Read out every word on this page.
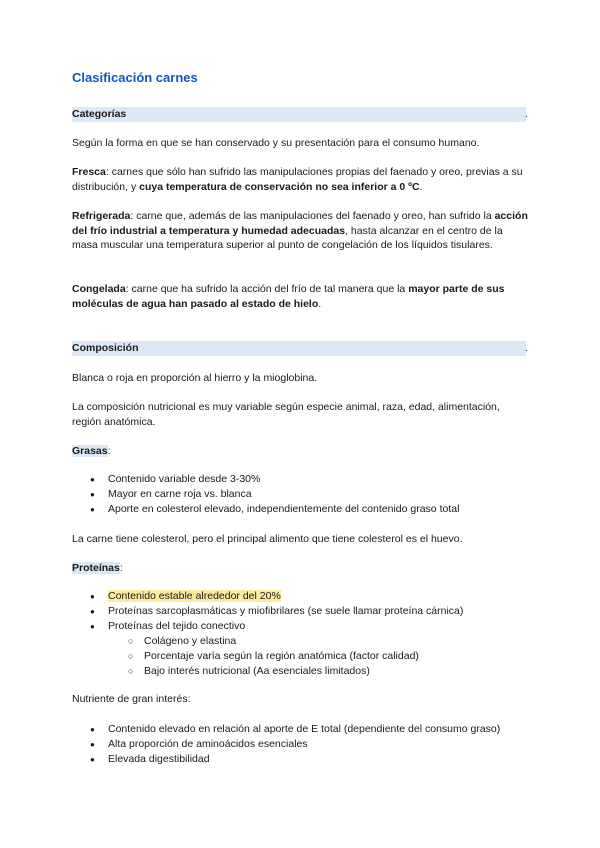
Clasificación carnes
Categorías	.
Según la forma en que se han conservado y su presentación para el consumo humano.
Fresca: carnes que sólo han sufrido las manipulaciones propias del faenado y oreo, previas a su distribución, y cuya temperatura de conservación no sea inferior a 0 ºC.
Refrigerada: carne que, además de las manipulaciones del faenado y oreo, han sufrido la acción del frío industrial a temperatura y humedad adecuadas, hasta alcanzar en el centro de la masa muscular una temperatura superior al punto de congelación de los líquidos tisulares.
Congelada: carne que ha sufrido la acción del frío de tal manera que la mayor parte de sus moléculas de agua han pasado al estado de hielo.
Composición	.
Blanca o roja en proporción al hierro y la mioglobina.
La composición nutricional es muy variable según especie animal, raza, edad, alimentación, región anatómica.
Grasas:
● Contenido variable desde 3-30%
● Mayor en carne roja vs. blanca
● Aporte en colesterol elevado, independientemente del contenido graso total
La carne tiene colesterol, pero el principal alimento que tiene colesterol es el huevo.
Proteínas:
● Contenido estable alrededor del 20%
● Proteínas sarcoplasmáticas y miofibrilares (se suele llamar proteína cárnica)
● Proteínas del tejido conectivo
○ Colágeno y elastina
○ Porcentaje varía según la región anatómica (factor calidad)
○ Bajo interés nutricional (Aa esenciales limitados)
Nutriente de gran interés:
● Contenido elevado en relación al aporte de E total (dependiente del consumo graso)
● Alta proporción de aminoácidos esenciales
● Elevada digestibilidad
